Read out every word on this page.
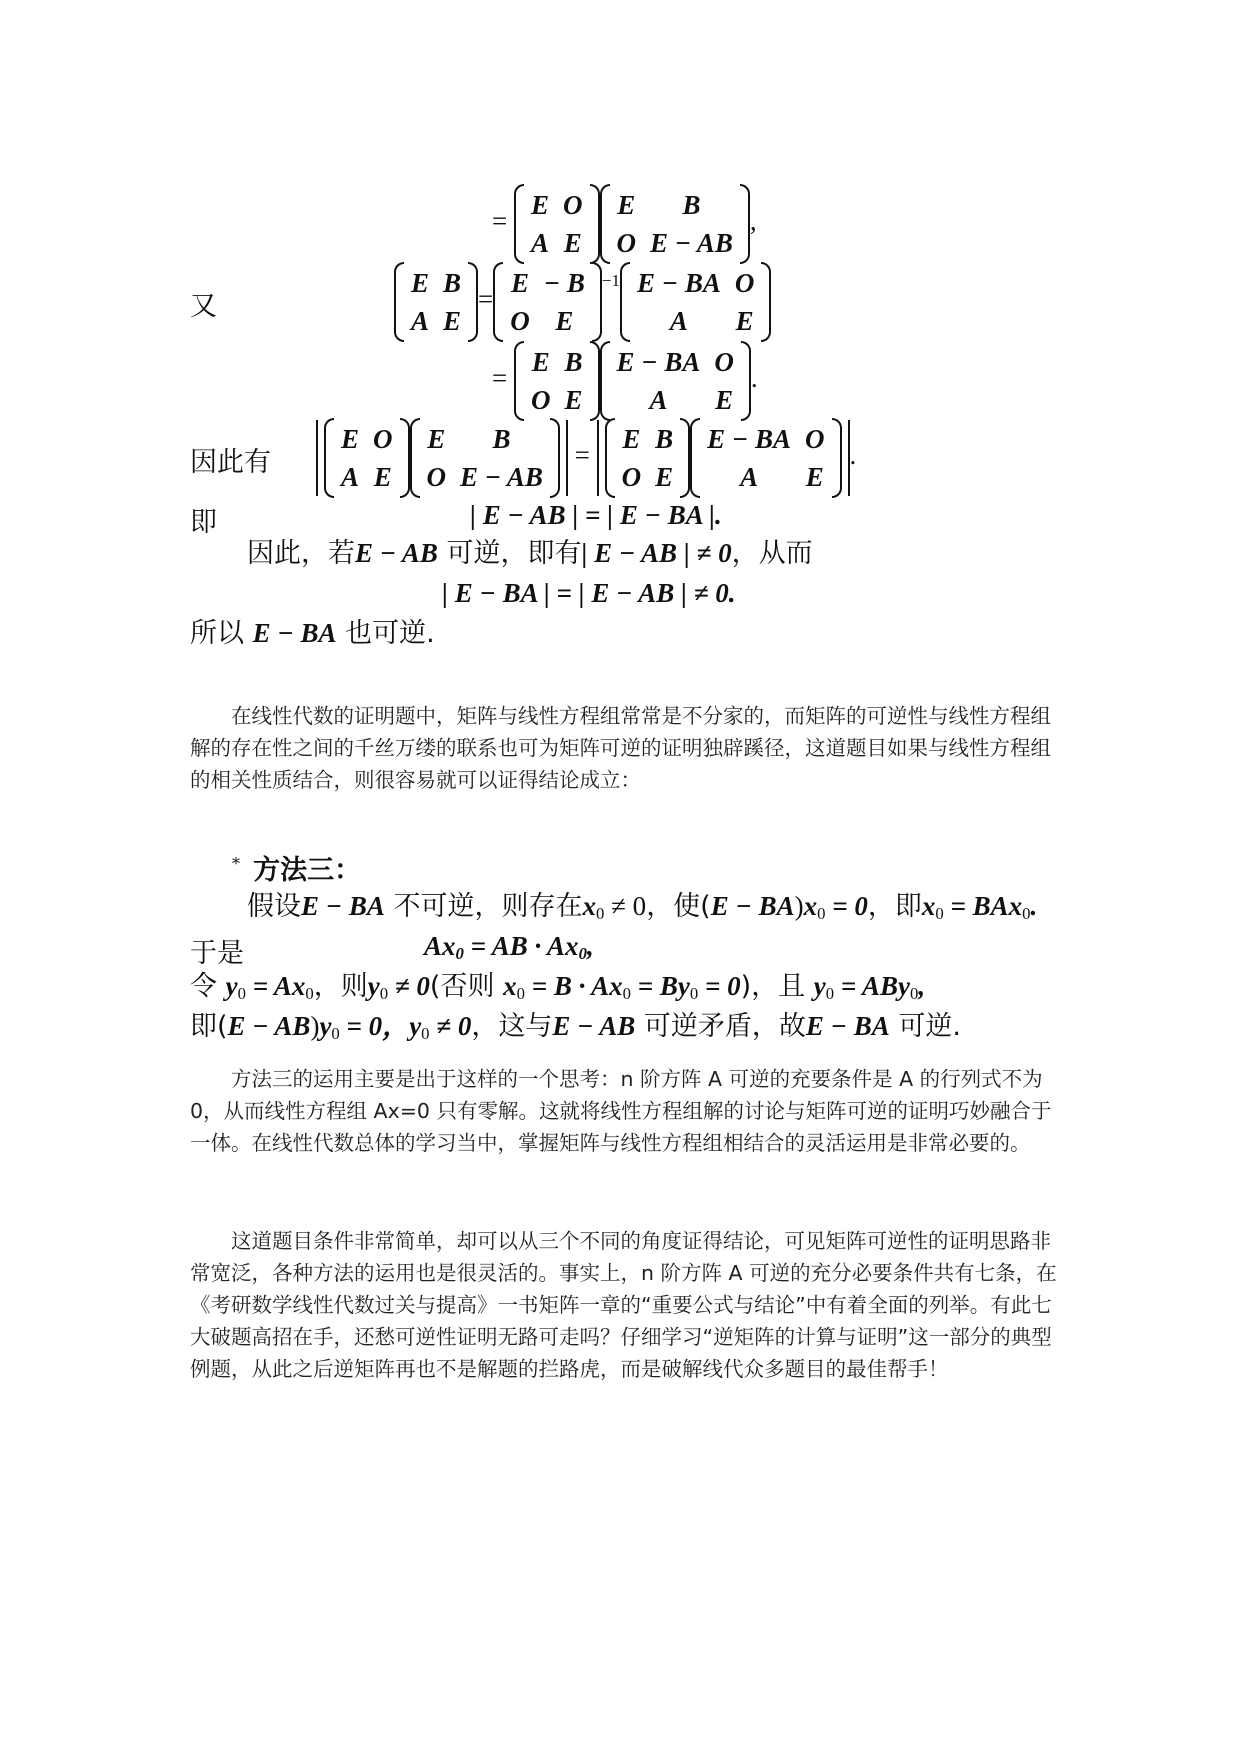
=
E	O
A	E
E	B
O	E − AB
,
又
E	B
A	E
=
E	− B
O	E
$^{-1}$ E − BA	O
A	E
=
E	B
O	E
E − BA	O
A	E
.
因此有
E	O
A	E
E	B
O	E − AB
=
E	B
O	E
E − BA	O
A	E
.
即	| E − AB | = | E − BA |.
因此，若E − AB 可逆，即有| E − AB | ≠ 0，从而
| E − BA | = | E − AB | ≠ 0.
所以 E − BA 也可逆.

在线性代数的证明题中，矩阵与线性方程组常常是不分家的，而矩阵的可逆性与线性方程组解的存在性之间的千丝万缕的联系也可为矩阵可逆的证明独辟蹊径，这道题目如果与线性方程组的相关性质结合，则很容易就可以证得结论成立：

* 方法三：
假设E − BA 不可逆，则存在$x_0 \ne 0$，使$(E - BA)x_0 = 0$，即$x_0 = BAx_0$.
于是	$Ax_0$ = AB · $Ax_0$,
令 $y_0 = Ax_0$，则$y_0 \ne 0$(否则 $x_0 = B \cdot Ax_0 = By_0 = 0$)，且 $y_0 = ABy_0$,
即$(E - AB)y_0 = 0$，$y_0 \ne 0$，这与E − AB 可逆矛盾，故E − BA 可逆.

方法三的运用主要是出于这样的一个思考：n 阶方阵 A 可逆的充要条件是 A 的行列式不为 0，从而线性方程组 Ax=0 只有零解。这就将线性方程组解的讨论与矩阵可逆的证明巧妙融合于一体。在线性代数总体的学习当中，掌握矩阵与线性方程组相结合的灵活运用是非常必要的。

这道题目条件非常简单，却可以从三个不同的角度证得结论，可见矩阵可逆性的证明思路非常宽泛，各种方法的运用也是很灵活的。事实上，n 阶方阵 A 可逆的充分必要条件共有七条，在《考研数学线性代数过关与提高》一书矩阵一章的“重要公式与结论”中有着全面的列举。有此七大破题高招在手，还愁可逆性证明无路可走吗？仔细学习“逆矩阵的计算与证明”这一部分的典型例题，从此之后逆矩阵再也不是解题的拦路虎，而是破解线代众多题目的最佳帮手！
